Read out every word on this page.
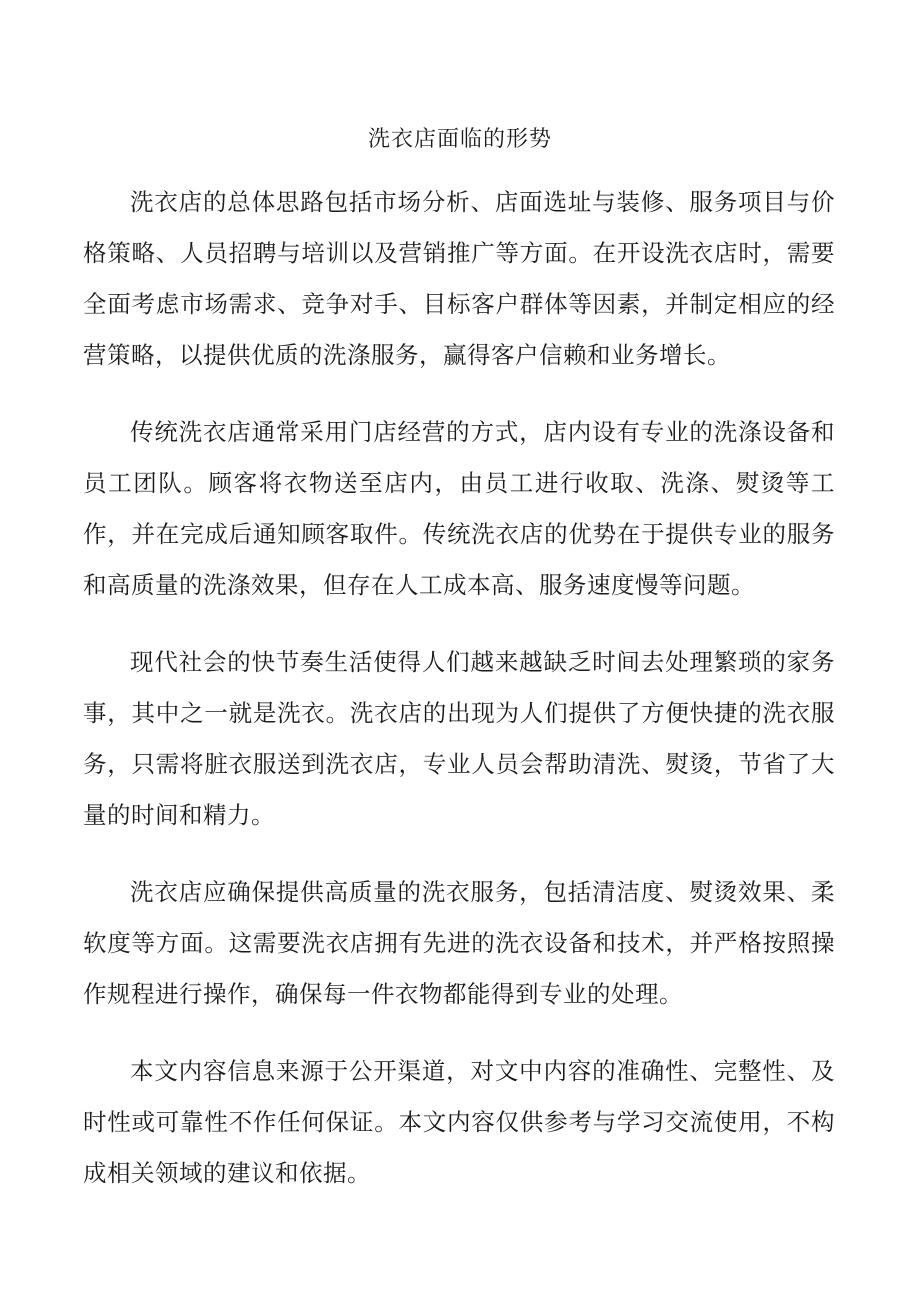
洗衣店面临的形势

洗衣店的总体思路包括市场分析、店面选址与装修、服务项目与价格策略、人员招聘与培训以及营销推广等方面。在开设洗衣店时，需要全面考虑市场需求、竞争对手、目标客户群体等因素，并制定相应的经营策略，以提供优质的洗涤服务，赢得客户信赖和业务增长。

传统洗衣店通常采用门店经营的方式，店内设有专业的洗涤设备和员工团队。顾客将衣物送至店内，由员工进行收取、洗涤、熨烫等工作，并在完成后通知顾客取件。传统洗衣店的优势在于提供专业的服务和高质量的洗涤效果，但存在人工成本高、服务速度慢等问题。

现代社会的快节奏生活使得人们越来越缺乏时间去处理繁琐的家务事，其中之一就是洗衣。洗衣店的出现为人们提供了方便快捷的洗衣服务，只需将脏衣服送到洗衣店，专业人员会帮助清洗、熨烫，节省了大量的时间和精力。

洗衣店应确保提供高质量的洗衣服务，包括清洁度、熨烫效果、柔软度等方面。这需要洗衣店拥有先进的洗衣设备和技术，并严格按照操作规程进行操作，确保每一件衣物都能得到专业的处理。

本文内容信息来源于公开渠道，对文中内容的准确性、完整性、及时性或可靠性不作任何保证。本文内容仅供参考与学习交流使用，不构成相关领域的建议和依据。
